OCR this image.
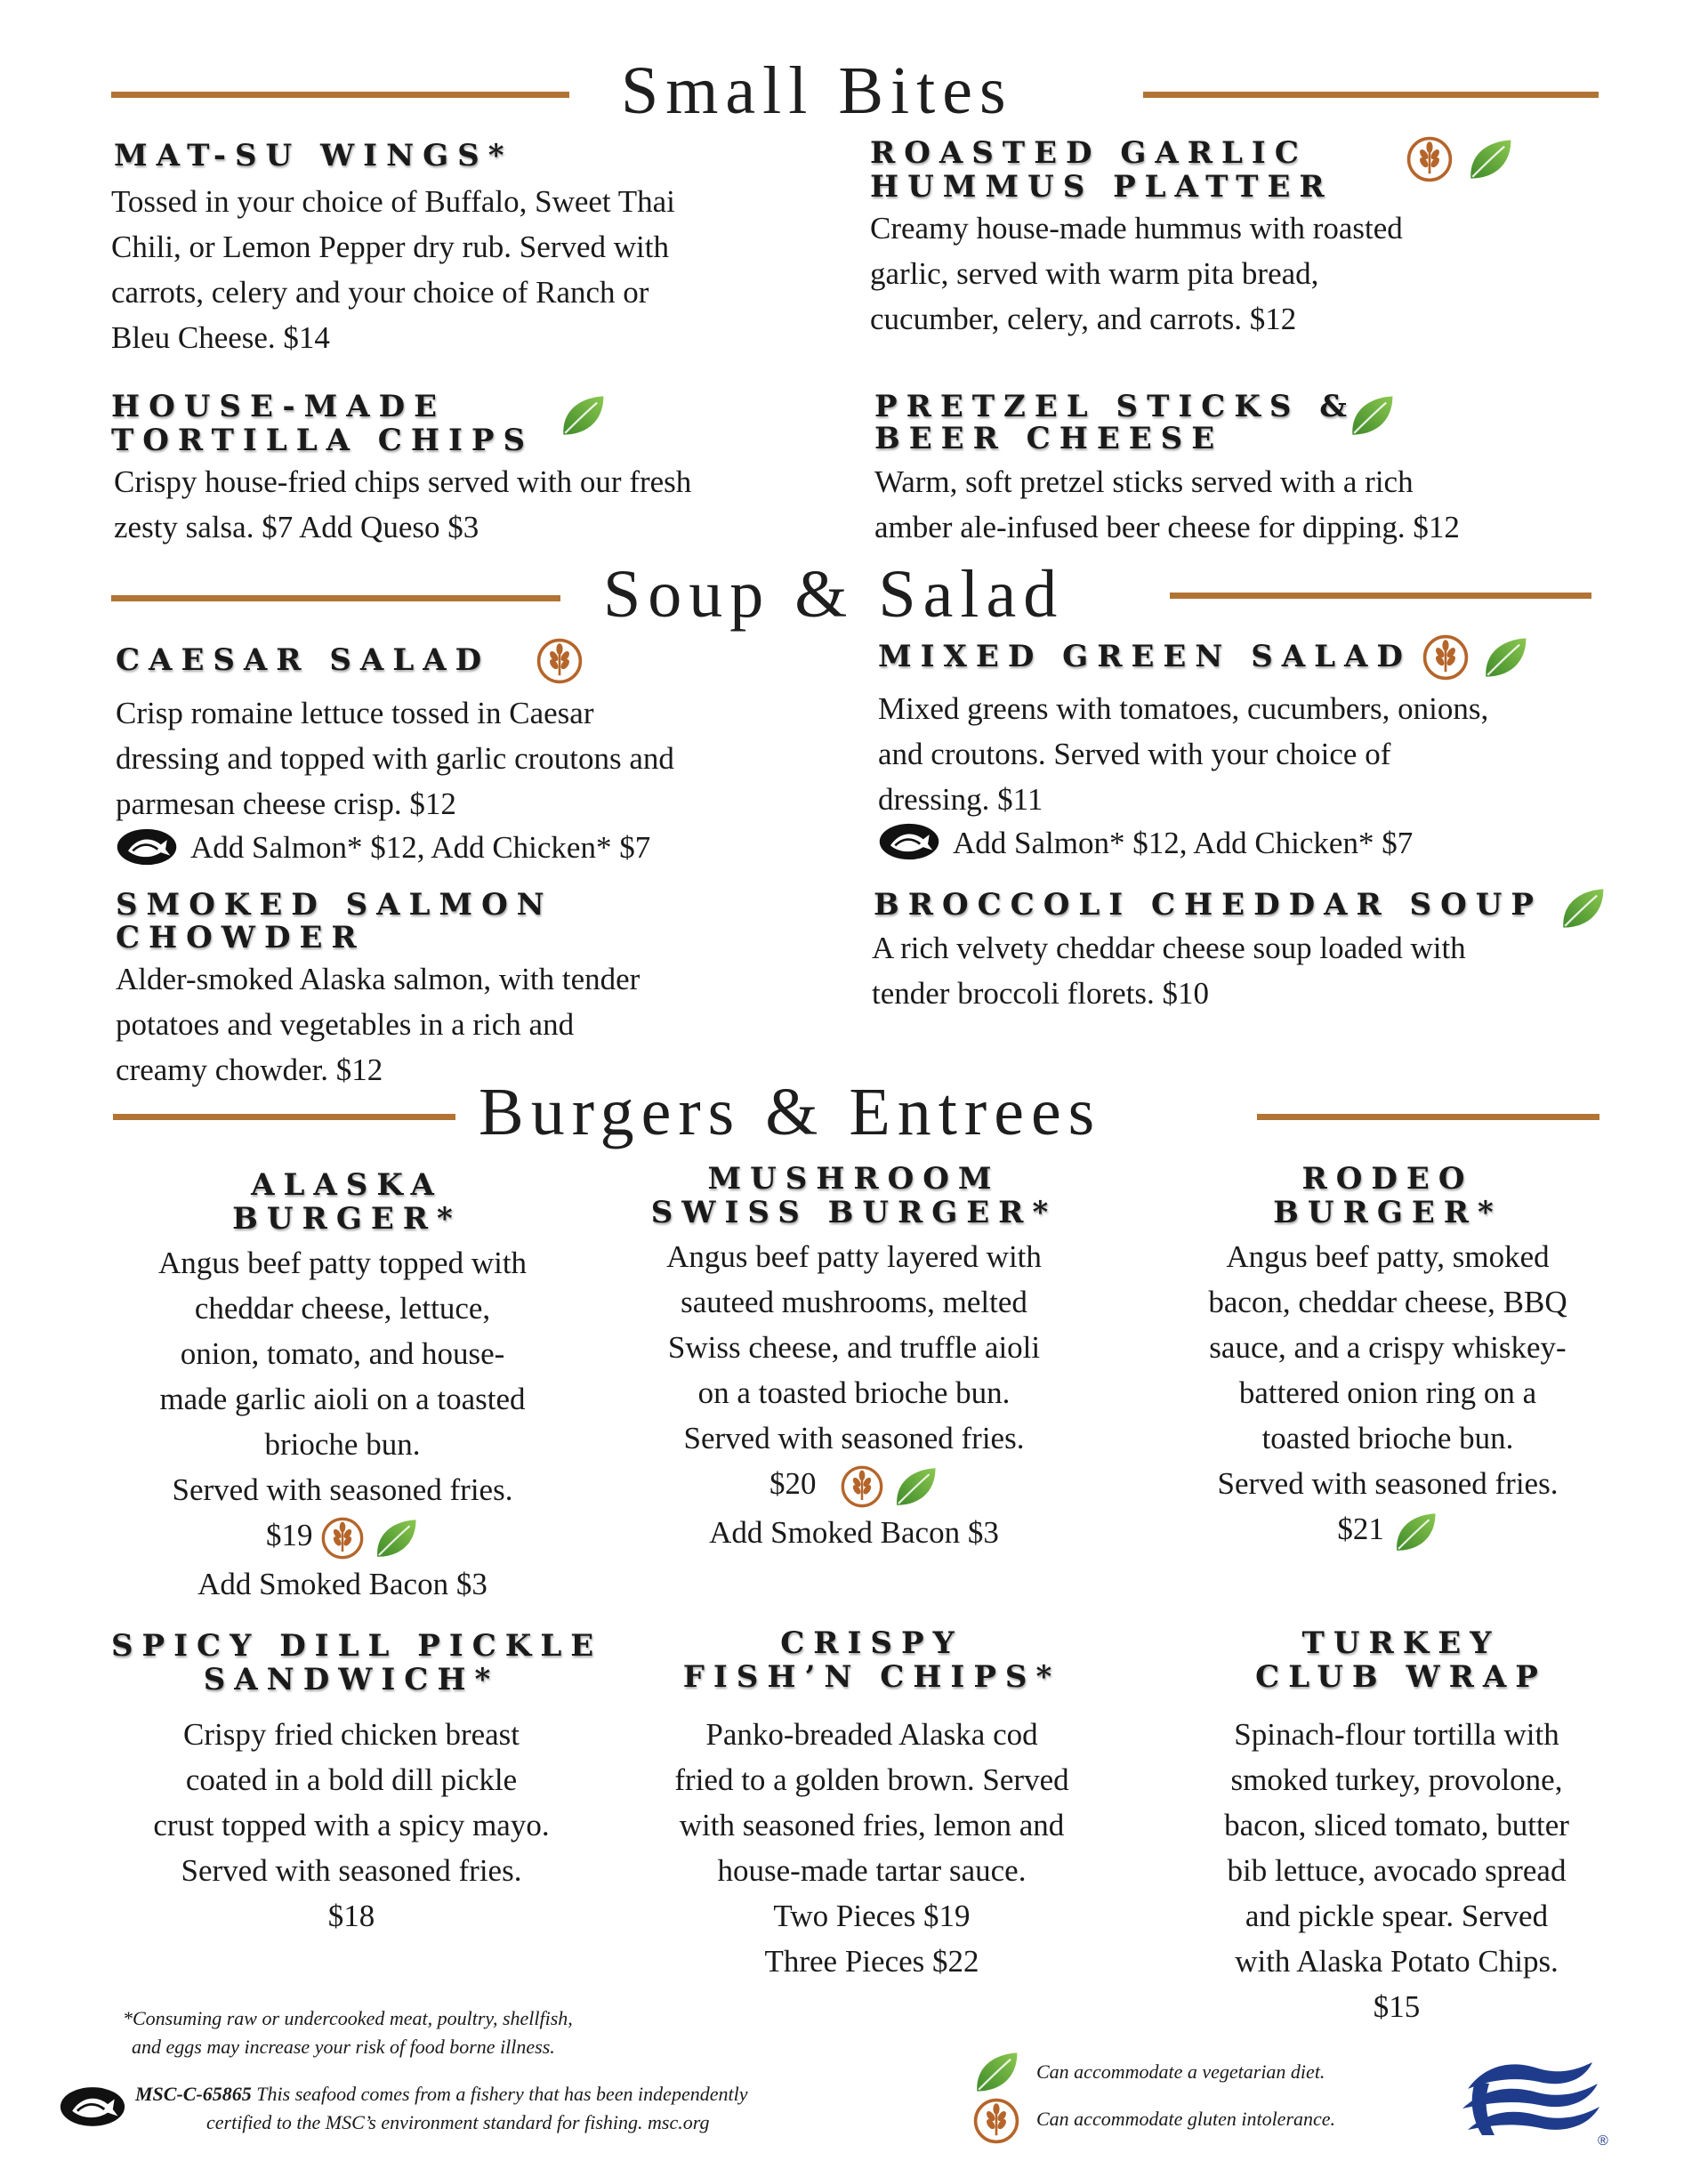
Small Bites
MAT-SU WINGS*
Tossed in your choice of Buffalo, Sweet Thai
Chili, or Lemon Pepper dry rub. Served with
carrots, celery and your choice of Ranch or
Bleu Cheese. $14
ROASTED GARLIC
HUMMUS PLATTER
Creamy house-made hummus with roasted
garlic, served with warm pita bread,
cucumber, celery, and carrots. $12
HOUSE-MADE
TORTILLA CHIPS
Crispy house-fried chips served with our fresh
zesty salsa. $7 Add Queso $3
PRETZEL STICKS &
BEER CHEESE
Warm, soft pretzel sticks served with a rich
amber ale-infused beer cheese for dipping. $12
Soup & Salad
CAESAR SALAD
Crisp romaine lettuce tossed in Caesar
dressing and topped with garlic croutons and
parmesan cheese crisp. $12
Add Salmon* $12, Add Chicken* $7
MIXED GREEN SALAD
Mixed greens with tomatoes, cucumbers, onions,
and croutons. Served with your choice of
dressing. $11
Add Salmon* $12, Add Chicken* $7
SMOKED SALMON
CHOWDER
Alder-smoked Alaska salmon, with tender
potatoes and vegetables in a rich and
creamy chowder. $12
BROCCOLI CHEDDAR SOUP
A rich velvety cheddar cheese soup loaded with
tender broccoli florets. $10
Burgers & Entrees
ALASKA
BURGER*
Angus beef patty topped with
cheddar cheese, lettuce,
onion, tomato, and house-
made garlic aioli on a toasted
brioche bun.
Served with seasoned fries.
$19
Add Smoked Bacon $3
MUSHROOM
SWISS BURGER*
Angus beef patty layered with
sauteed mushrooms, melted
Swiss cheese, and truffle aioli
on a toasted brioche bun.
Served with seasoned fries.
$20
Add Smoked Bacon $3
RODEO
BURGER*
Angus beef patty, smoked
bacon, cheddar cheese, BBQ
sauce, and a crispy whiskey-
battered onion ring on a
toasted brioche bun.
Served with seasoned fries.
$21
SPICY DILL PICKLE
SANDWICH*
Crispy fried chicken breast
coated in a bold dill pickle
crust topped with a spicy mayo.
Served with seasoned fries.
$18
CRISPY
FISH’N CHIPS*
Panko-breaded Alaska cod
fried to a golden brown. Served
with seasoned fries, lemon and
house-made tartar sauce.
Two Pieces $19
Three Pieces $22
TURKEY
CLUB WRAP
Spinach-flour tortilla with
smoked turkey, provolone,
bacon, sliced tomato, butter
bib lettuce, avocado spread
and pickle spear. Served
with Alaska Potato Chips.
$15
*Consuming raw or undercooked meat, poultry, shellfish,
and eggs may increase your risk of food borne illness.
MSC-C-65865 This seafood comes from a fishery that has been independently
certified to the MSC’s environment standard for fishing. msc.org
Can accommodate a vegetarian diet.
Can accommodate gluten intolerance.
®
